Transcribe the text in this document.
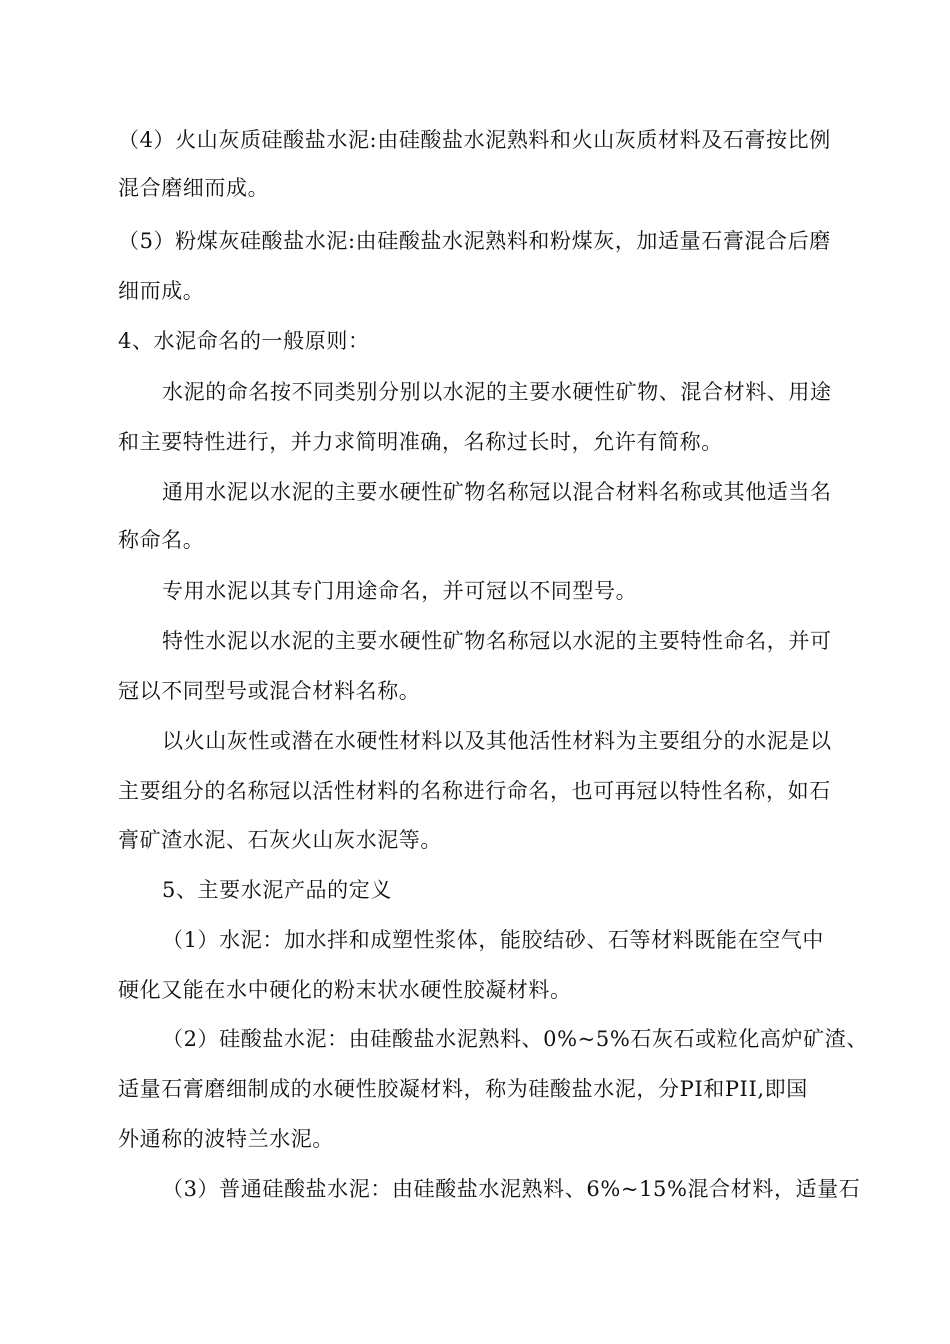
（4）火山灰质硅酸盐水泥:由硅酸盐水泥熟料和火山灰质材料及石膏按比例
混合磨细而成。
（5）粉煤灰硅酸盐水泥:由硅酸盐水泥熟料和粉煤灰，加适量石膏混合后磨
细而成。
4、水泥命名的一般原则：
水泥的命名按不同类别分别以水泥的主要水硬性矿物、混合材料、用途
和主要特性进行，并力求简明准确，名称过长时，允许有简称。
通用水泥以水泥的主要水硬性矿物名称冠以混合材料名称或其他适当名
称命名。
专用水泥以其专门用途命名，并可冠以不同型号。
特性水泥以水泥的主要水硬性矿物名称冠以水泥的主要特性命名，并可
冠以不同型号或混合材料名称。
以火山灰性或潜在水硬性材料以及其他活性材料为主要组分的水泥是以
主要组分的名称冠以活性材料的名称进行命名，也可再冠以特性名称，如石
膏矿渣水泥、石灰火山灰水泥等。
5、主要水泥产品的定义
（1）水泥：加水拌和成塑性浆体，能胶结砂、石等材料既能在空气中
硬化又能在水中硬化的粉末状水硬性胶凝材料。
（2）硅酸盐水泥：由硅酸盐水泥熟料、0%~5%石灰石或粒化高炉矿渣、
适量石膏磨细制成的水硬性胶凝材料，称为硅酸盐水泥，分PI和PII,即国
外通称的波特兰水泥。
（3）普通硅酸盐水泥：由硅酸盐水泥熟料、6%~15%混合材料，适量石
